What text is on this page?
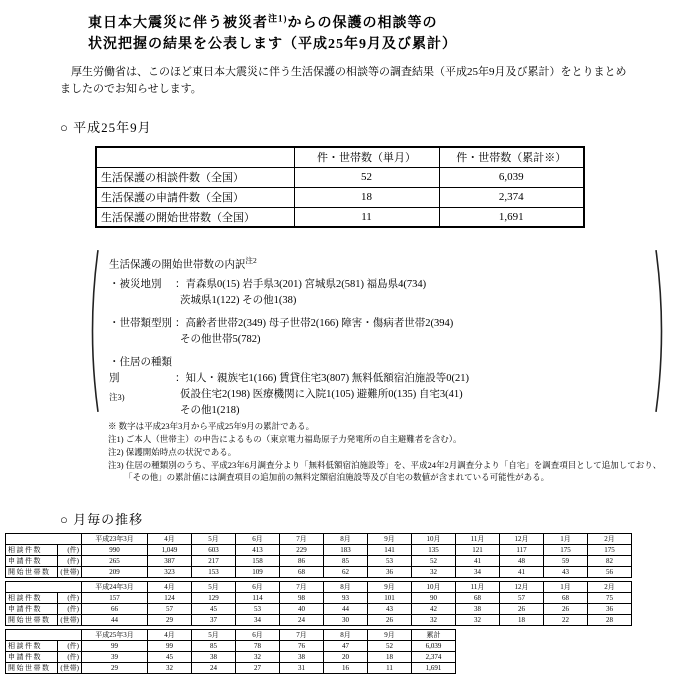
東日本大震災に伴う被災者$^{注1)}$からの保護の相談等の
状況把握の結果を公表します（平成25年9月及び累計）

　厚生労働省は、このほど東日本大震災に伴う生活保護の相談等の調査結果（平成25年9月及び累計）をとりまとめましたのでお知らせします。

○ 平成25年9月
	件・世帯数（単月）	件・世帯数（累計※）
生活保護の相談件数（全国）	52	6,039
生活保護の申請件数（全国）	18	2,374
生活保護の開始世帯数（全国）	11	1,691
生活保護の開始世帯数の内訳$^{注2}$
・被災地別 ：青森県0(15) 岩手県3(201) 宮城県2(581) 福島県4(734)
茨城県1(122) その他1(38)
・世帯類型別 ：高齢者世帯2(349) 母子世帯2(166) 障害・傷病者世帯2(394)
その他世帯5(782)
・住居の種類別	：知人・親族宅1(166) 賃貸住宅3(807) 無料低額宿泊施設等0(21)
注3)	仮設住宅2(198) 医療機関に入院1(105) 避難所0(135) 自宅3(41)
その他1(218)
※ 数字は平成23年3月から平成25年9月の累計である。
注1) ご本人（世帯主）の申告によるもの（東京電力福島原子力発電所の自主避難者を含む）。
注2) 保護開始時点の状況である。
注3) 住居の種類別のうち、平成23年6月調査分より「無料低額宿泊施設等」を、平成24年2月調査分より「自宅」を調査項目として追加しており、「その他」の累計値には調査項目の追加前の無料定額宿泊施設等及び自宅の数値が含まれている可能性がある。
○ 月毎の推移
		平成23年3月	4月	5月	6月	7月	8月	9月	10月	11月	12月	1月	2月
相談件数	(件)	990	1,049	603	413	229	183	141	135	121	117	175	175
申請件数	(件)	265	387	217	158	86	85	53	52	41	48	59	82
開始世帯数	(世帯)	209	323	153	109	68	62	36	32	34	41	43	56
		平成24年3月	4月	5月	6月	7月	8月	9月	10月	11月	12月	1月	2月
相談件数	(件)	157	124	129	114	98	93	101	90	68	57	68	75
申請件数	(件)	66	57	45	53	40	44	43	42	38	26	26	36
開始世帯数	(世帯)	44	29	37	34	24	30	26	32	32	18	22	28
		平成25年3月	4月	5月	6月	7月	8月	9月	累計
相談件数	(件)	99	99	85	78	76	47	52	6,039
申請件数	(件)	39	45	38	32	38	20	18	2,374
開始世帯数	(世帯)	29	32	24	27	31	16	11	1,691
